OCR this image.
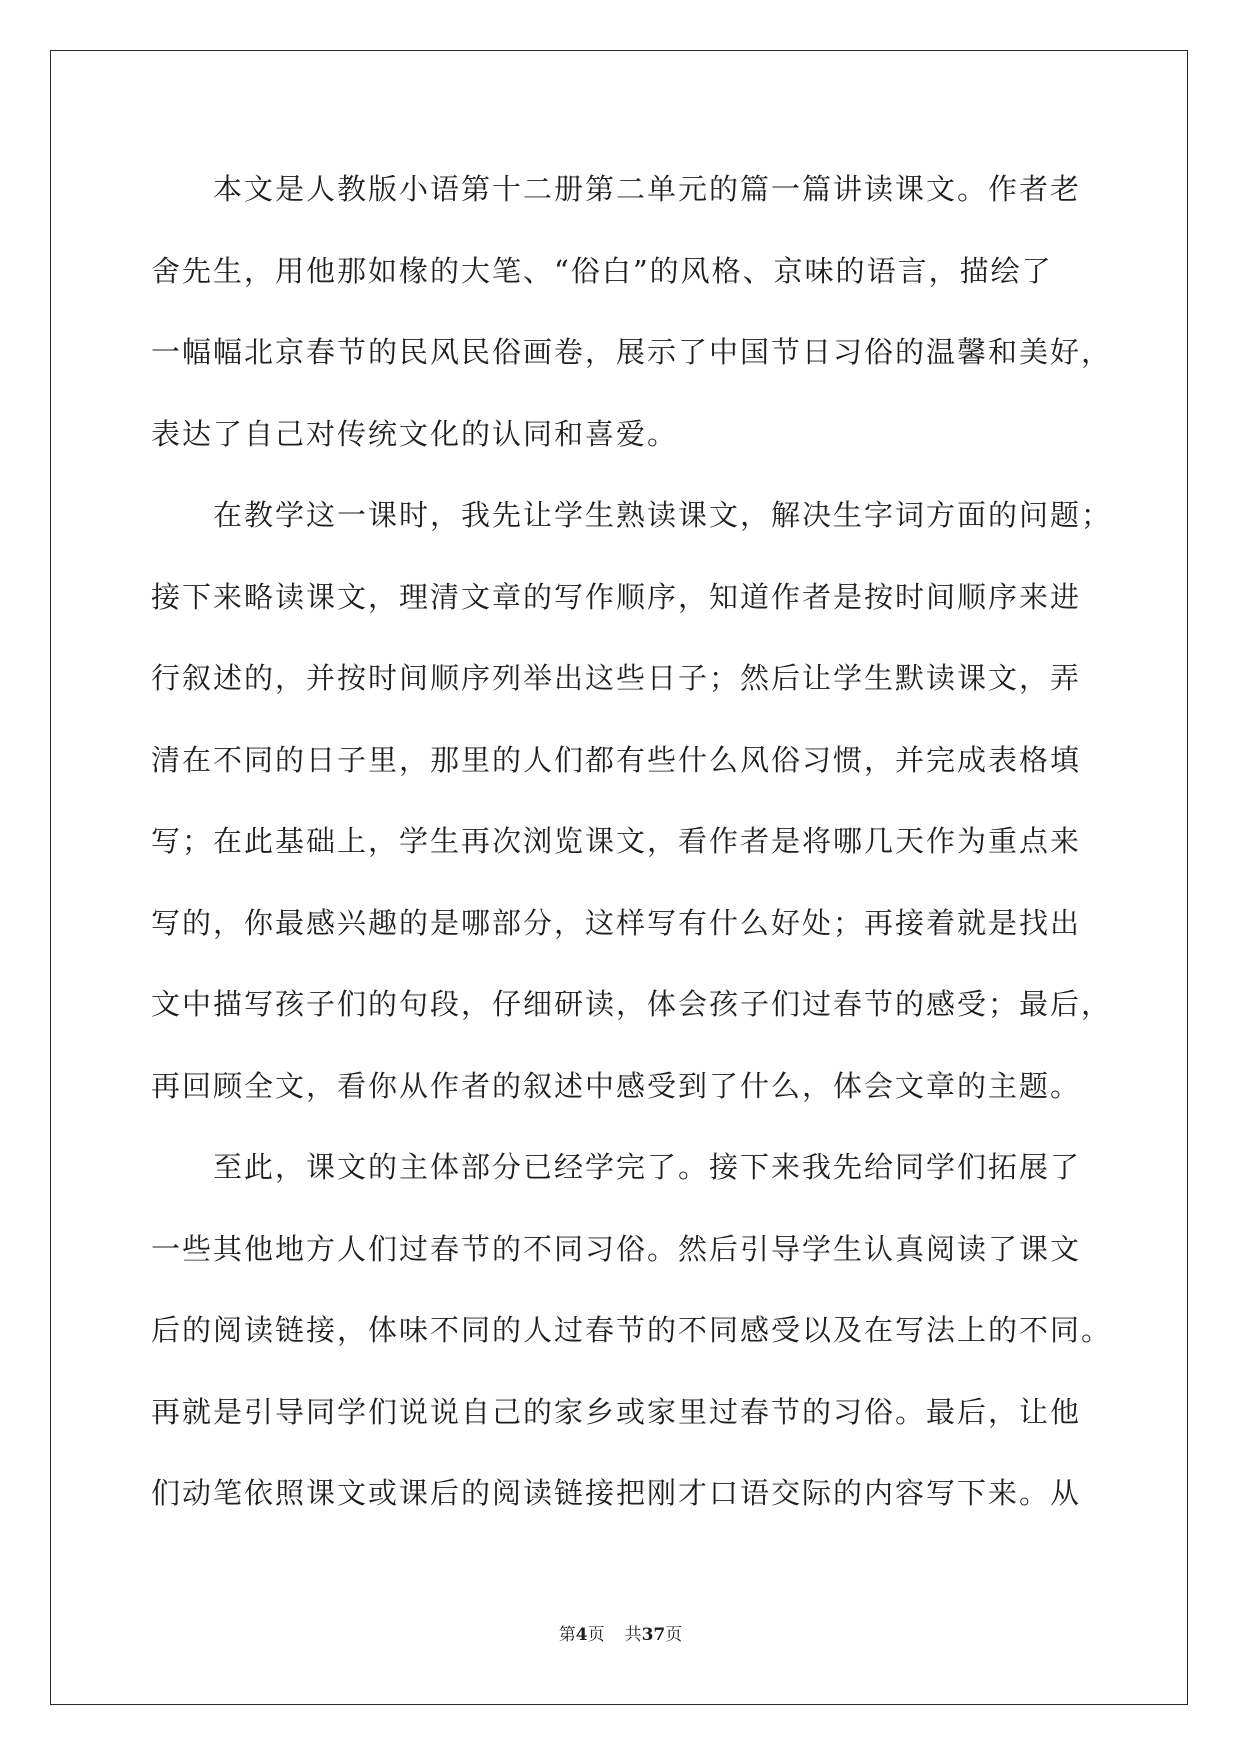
本文是人教版小语第十二册第二单元的篇一篇讲读课文。作者老
舍先生，用他那如椽的大笔、“俗白”的风格、京味的语言，描绘了
一幅幅北京春节的民风民俗画卷，展示了中国节日习俗的温馨和美好，
表达了自己对传统文化的认同和喜爱。
在教学这一课时，我先让学生熟读课文，解决生字词方面的问题；
接下来略读课文，理清文章的写作顺序，知道作者是按时间顺序来进
行叙述的，并按时间顺序列举出这些日子；然后让学生默读课文，弄
清在不同的日子里，那里的人们都有些什么风俗习惯，并完成表格填
写；在此基础上，学生再次浏览课文，看作者是将哪几天作为重点来
写的，你最感兴趣的是哪部分，这样写有什么好处；再接着就是找出
文中描写孩子们的句段，仔细研读，体会孩子们过春节的感受；最后，
再回顾全文，看你从作者的叙述中感受到了什么，体会文章的主题。
至此，课文的主体部分已经学完了。接下来我先给同学们拓展了
一些其他地方人们过春节的不同习俗。然后引导学生认真阅读了课文
后的阅读链接，体味不同的人过春节的不同感受以及在写法上的不同。
再就是引导同学们说说自己的家乡或家里过春节的习俗。最后，让他
们动笔依照课文或课后的阅读链接把刚才口语交际的内容写下来。从
第4页 共37页
